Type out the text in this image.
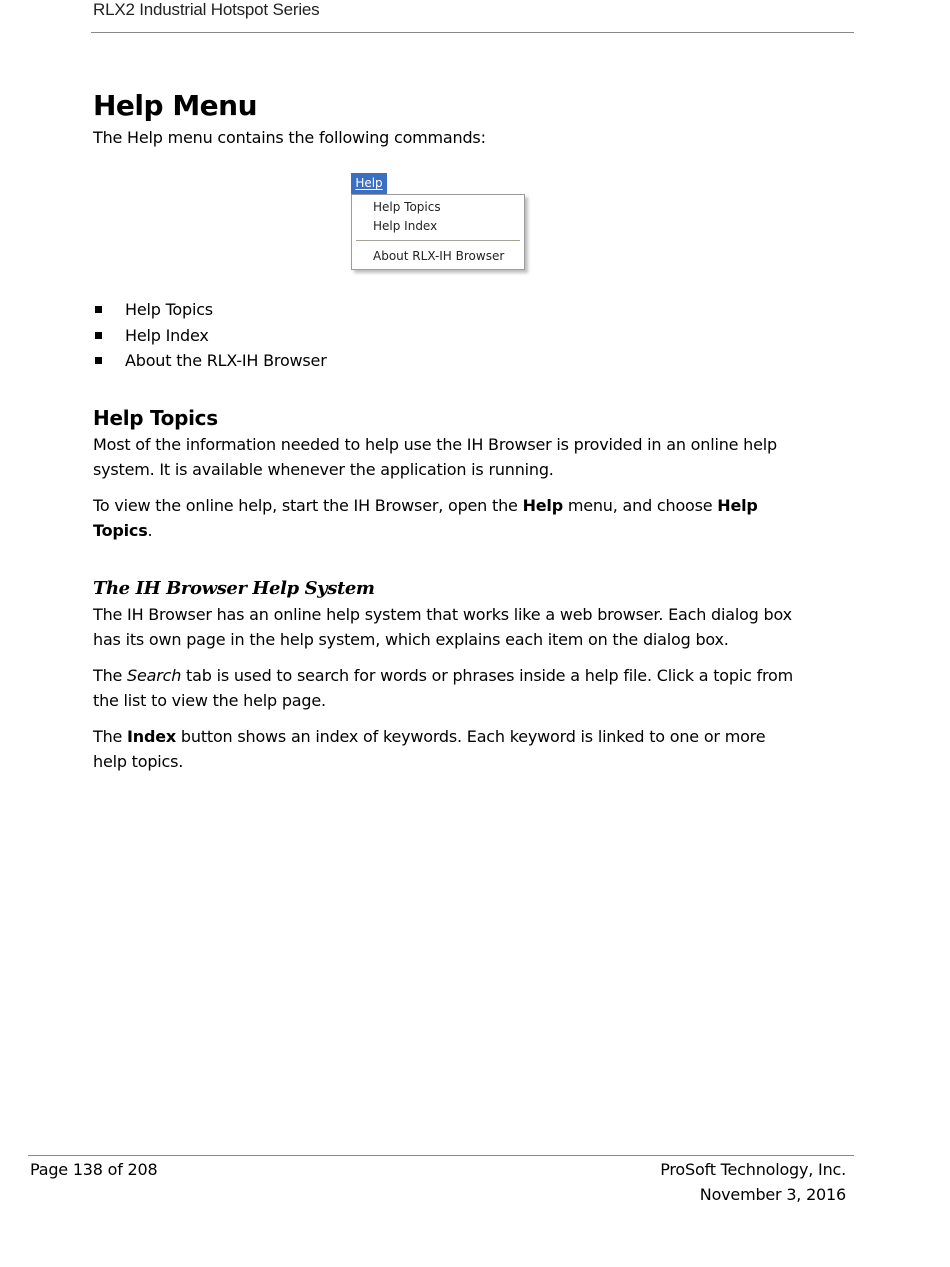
RLX2 Industrial Hotspot Series
Help Menu

The Help menu contains the following commands:

Help
Help Topics
Help Index
About RLX-IH Browser
Help Topics
Help Index
About the RLX-IH Browser
Help Topics

Most of the information needed to help use the IH Browser is provided in an online help system. It is available whenever the application is running.

To view the online help, start the IH Browser, open the Help menu, and choose Help Topics.

The IH Browser Help System

The IH Browser has an online help system that works like a web browser. Each dialog box has its own page in the help system, which explains each item on the dialog box.

The Search tab is used to search for words or phrases inside a help file. Click a topic from the list to view the help page.

The Index button shows an index of keywords. Each keyword is linked to one or more help topics.

Page 138 of 208	ProSoft Technology, Inc.
November 3, 2016
